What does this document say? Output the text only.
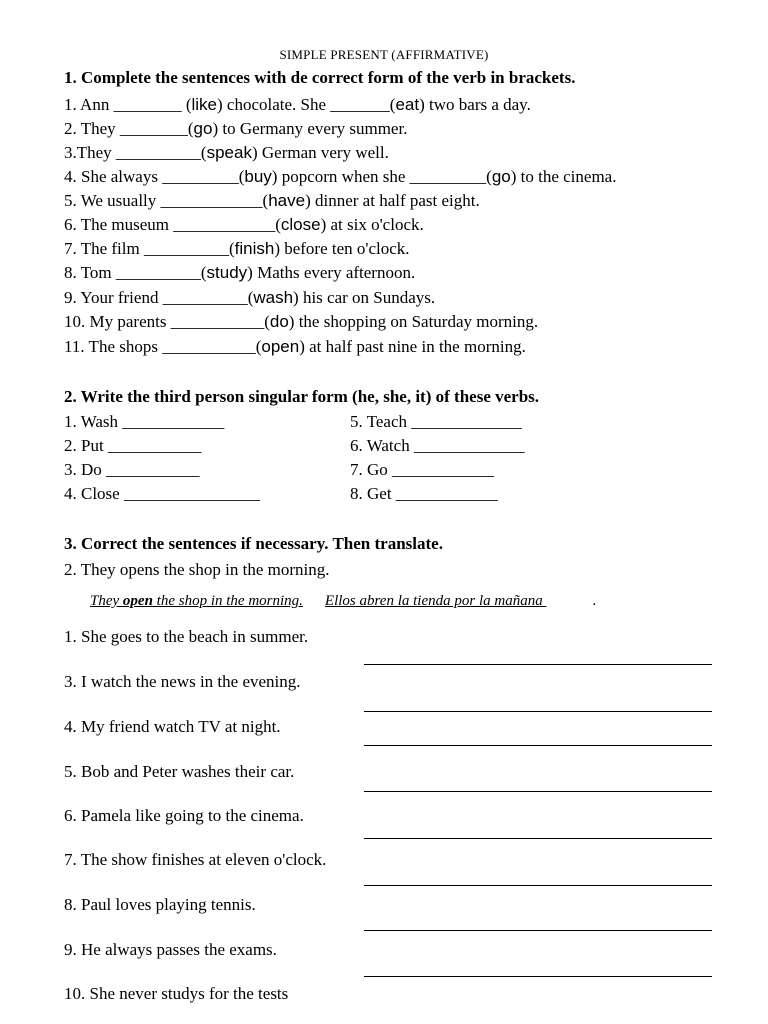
SIMPLE PRESENT (AFFIRMATIVE)
1. Complete the sentences with de correct form of the verb in brackets.
1. Ann ________ (like) chocolate. She _______(eat) two bars a day.
2. They ________(go) to Germany every summer.
3.They __________(speak) German very well.
4. She always _________(buy) popcorn when she _________(go) to the cinema.
5. We usually ____________(have) dinner at half past eight.
6. The museum ____________(close) at six o'clock.
7. The film __________(finish) before ten o'clock.
8. Tom __________(study) Maths every afternoon.
9. Your friend __________(wash) his car on Sundays.
10. My parents ___________(do) the shopping on Saturday morning.
11. The shops ___________(open) at half past nine in the morning.
2. Write the third person singular form (he, she, it) of these verbs.
1. Wash ____________
2. Put ___________
3. Do ___________
4. Close ________________
5. Teach _____________
6. Watch _____________
7. Go ____________
8. Get ____________
3. Correct the sentences if necessary. Then translate.
2. They opens the shop in the morning.
They open the shop in the morning. Ellos abren la tienda por la mañana	.
1. She goes to the beach in summer.
3. I watch the news in the evening.
4. My friend watch TV at night.
5. Bob and Peter washes their car.
6. Pamela like going to the cinema.
7. The show finishes at eleven o'clock.
8. Paul loves playing tennis.
9. He always passes the exams.
10. She never studys for the tests
